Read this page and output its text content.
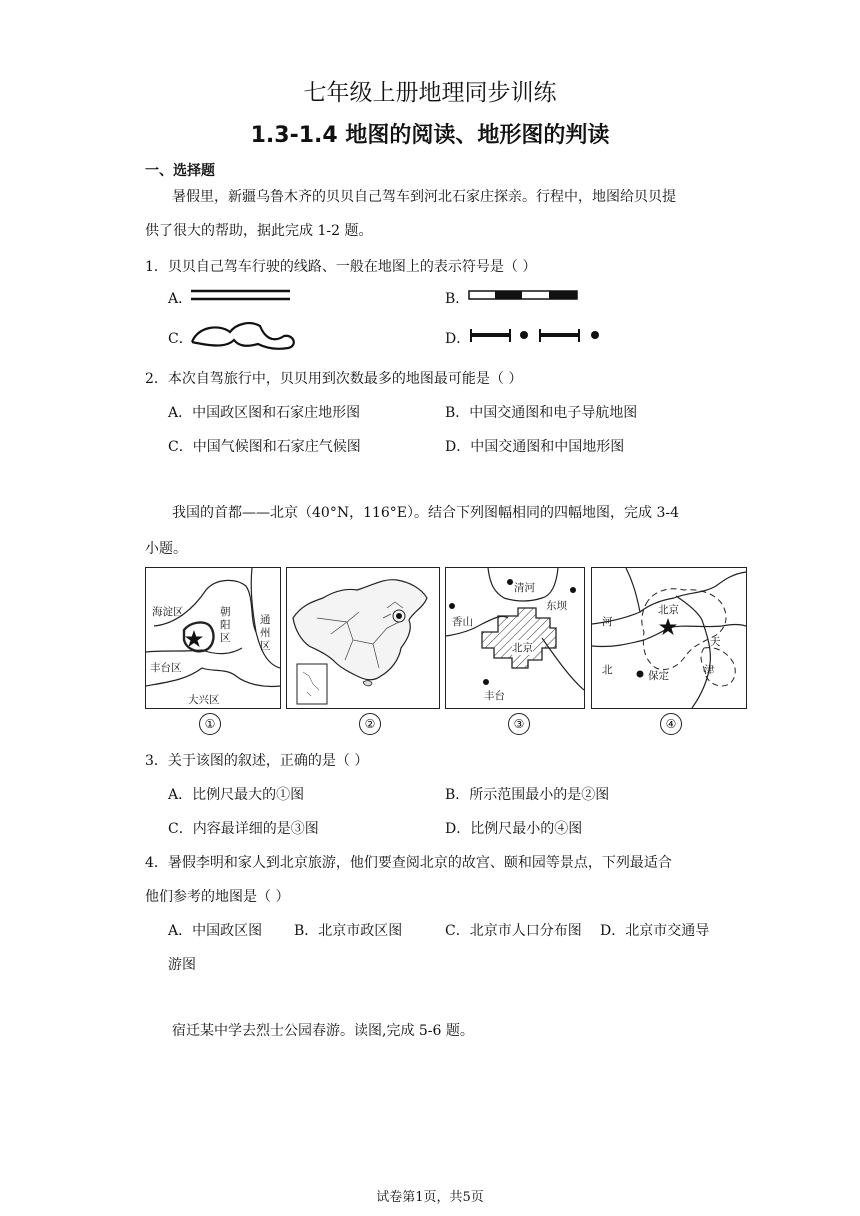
七年级上册地理同步训练
1.3-1.4 地图的阅读、地形图的判读
一、选择题
暑假里，新疆乌鲁木齐的贝贝自己驾车到河北石家庄探亲。行程中，地图给贝贝提
供了很大的帮助，据此完成 1-2 题。
1．贝贝自己驾车行驶的线路、一般在地图上的表示符号是（ ）
A．	B．
C．	D．
2．本次自驾旅行中，贝贝用到次数最多的地图最可能是（ ）
A．中国政区图和石家庄地形图	B．中国交通图和电子导航地图
C．中国气候图和石家庄气候图	D．中国交通图和中国地形图
我国的首都——北京（40°N，116°E）。结合下列图幅相同的四幅地图，完成 3-4
小题。
海淀区	朝
阳
区
通
州
区
丰台区
大兴区
①	②
清河
东坝
香山
北京
丰台
③
北京
河
北
天
津
保定
④
3．关于该图的叙述，正确的是（ ）
A．比例尺最大的①图	B．所示范围最小的是②图
C．内容最详细的是③图	D．比例尺最小的④图
4．暑假李明和家人到北京旅游，他们要查阅北京的故宫、颐和园等景点，下列最适合
他们参考的地图是（ ）
A．中国政区图 B．北京市政区图	C．北京市人口分布图 D．北京市交通导
游图
宿迁某中学去烈士公园春游。读图,完成 5-6 题。
试卷第1页，共5页
